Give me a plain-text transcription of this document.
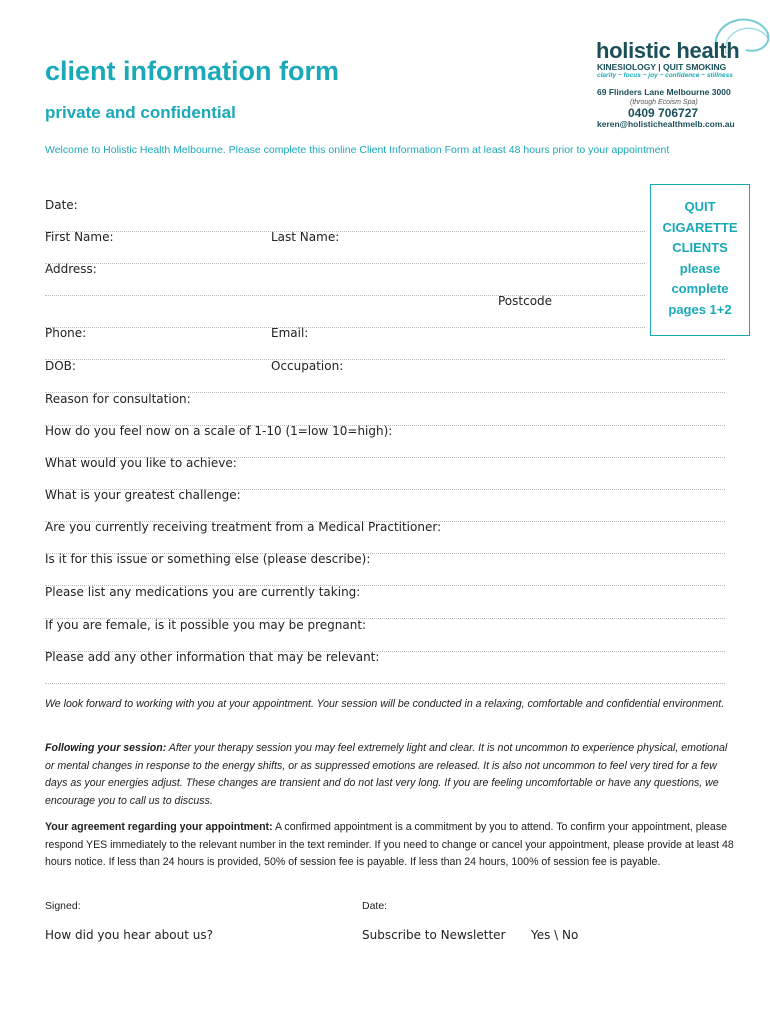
client information form
private and confidential
Welcome to Holistic Health Melbourne. Please complete this online Client Information Form at least 48 hours prior to your appointment
holistic health
KINESIOLOGY | QUIT SMOKING
clarity ~ focus ~ joy ~ confidence ~ stillness
69 Flinders Lane Melbourne 3000
(through Ecoism Spa)
0409 706727
keren@holistichealthmelb.com.au
QUIT
CIGARETTE
CLIENTS
please
complete
pages 1+2
Date:
First Name:	Last Name:
Address:
Postcode
Phone:	Email:
DOB:	Occupation:
Reason for consultation:
How do you feel now on a scale of 1-10 (1=low 10=high):
What would you like to achieve:
What is your greatest challenge:
Are you currently receiving treatment from a Medical Practitioner:
Is it for this issue or something else (please describe):
Please list any medications you are currently taking:
If you are female, is it possible you may be pregnant:
Please add any other information that may be relevant:
We look forward to working with you at your appointment. Your session will be conducted in a relaxing, comfortable and confidential environment.
Following your session: After your therapy session you may feel extremely light and clear. It is not uncommon to experience physical, emotional or mental changes in response to the energy shifts, or as suppressed emotions are released. It is also not uncommon to feel very tired for a few days as your energies adjust. These changes are transient and do not last very long. If you are feeling uncomfortable or have any questions, we encourage you to call us to discuss.
Your agreement regarding your appointment: A confirmed appointment is a commitment by you to attend. To confirm your appointment, please respond YES immediately to the relevant number in the text reminder. If you need to change or cancel your appointment, please provide at least 48 hours notice. If less than 24 hours is provided, 50% of session fee is payable. If less than 24 hours, 100% of session fee is payable.
Signed:	Date:
How did you hear about us?	Subscribe to Newsletter Yes \ No
